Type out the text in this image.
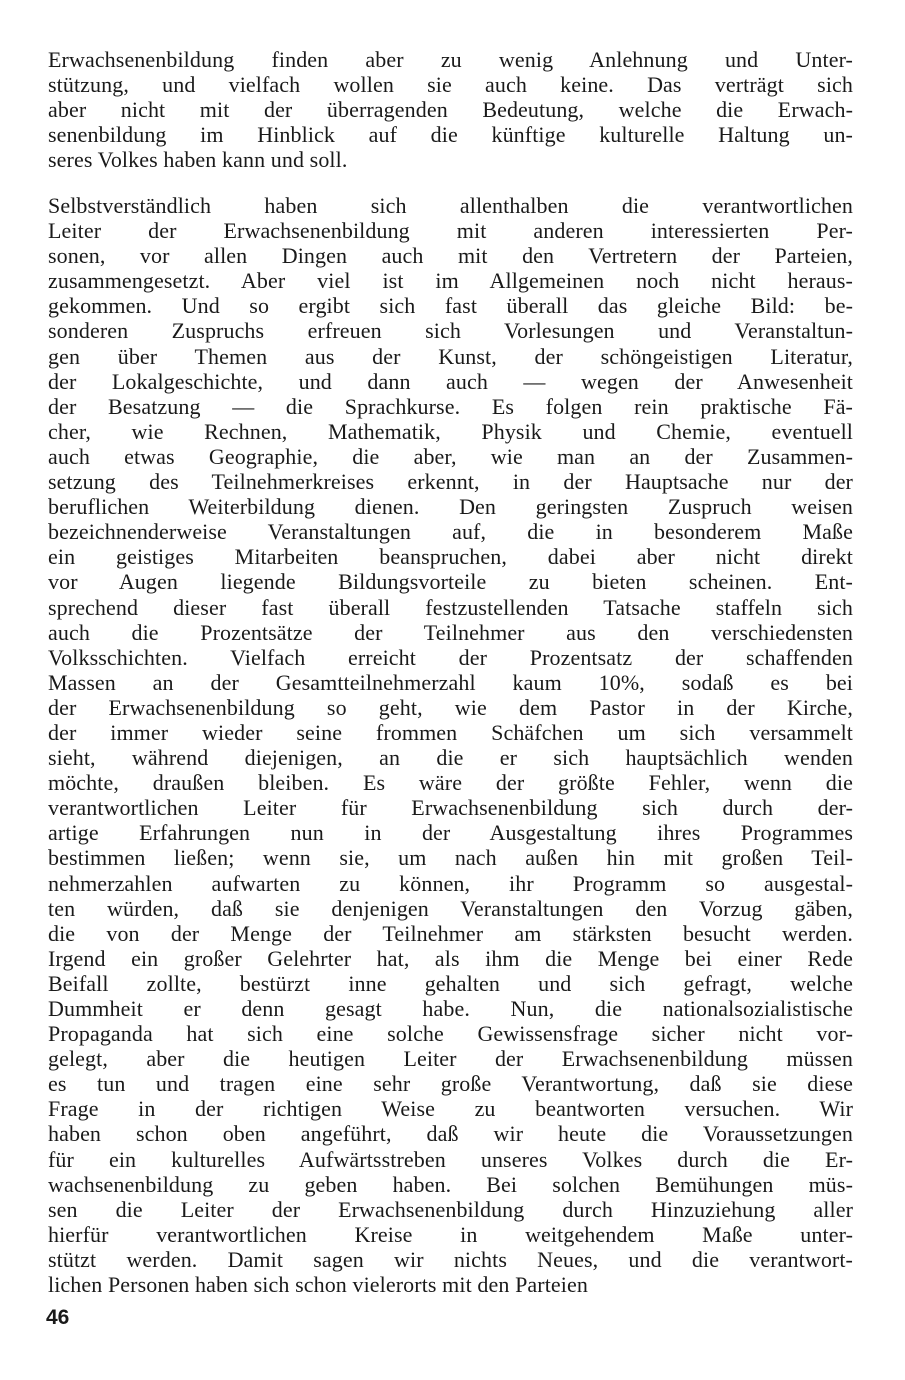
Erwachsenenbildung finden aber zu wenig Anlehnung und Unter-
stützung, und vielfach wollen sie auch keine. Das verträgt sich
aber nicht mit der überragenden Bedeutung, welche die Erwach-
senenbildung im Hinblick auf die künftige kulturelle Haltung un-
seres Volkes haben kann und soll.
Selbstverständlich haben sich allenthalben die verantwortlichen
Leiter der Erwachsenenbildung mit anderen interessierten Per-
sonen, vor allen Dingen auch mit den Vertretern der Parteien,
zusammengesetzt. Aber viel ist im Allgemeinen noch nicht heraus-
gekommen. Und so ergibt sich fast überall das gleiche Bild: be-
sonderen Zuspruchs erfreuen sich Vorlesungen und Veranstaltun-
gen über Themen aus der Kunst, der schöngeistigen Literatur,
der Lokalgeschichte, und dann auch — wegen der Anwesenheit
der Besatzung — die Sprachkurse. Es folgen rein praktische Fä-
cher, wie Rechnen, Mathematik, Physik und Chemie, eventuell
auch etwas Geographie, die aber, wie man an der Zusammen-
setzung des Teilnehmerkreises erkennt, in der Hauptsache nur der
beruflichen Weiterbildung dienen. Den geringsten Zuspruch weisen
bezeichnenderweise Veranstaltungen auf, die in besonderem Maße
ein geistiges Mitarbeiten beanspruchen, dabei aber nicht direkt
vor Augen liegende Bildungsvorteile zu bieten scheinen. Ent-
sprechend dieser fast überall festzustellenden Tatsache staffeln sich
auch die Prozentsätze der Teilnehmer aus den verschiedensten
Volksschichten. Vielfach erreicht der Prozentsatz der schaffenden
Massen an der Gesamtteilnehmerzahl kaum 10%, sodaß es bei
der Erwachsenenbildung so geht, wie dem Pastor in der Kirche,
der immer wieder seine frommen Schäfchen um sich versammelt
sieht, während diejenigen, an die er sich hauptsächlich wenden
möchte, draußen bleiben. Es wäre der größte Fehler, wenn die
verantwortlichen Leiter für Erwachsenenbildung sich durch der-
artige Erfahrungen nun in der Ausgestaltung ihres Programmes
bestimmen ließen; wenn sie, um nach außen hin mit großen Teil-
nehmerzahlen aufwarten zu können, ihr Programm so ausgestal-
ten würden, daß sie denjenigen Veranstaltungen den Vorzug gäben,
die von der Menge der Teilnehmer am stärksten besucht werden.
Irgend ein großer Gelehrter hat, als ihm die Menge bei einer Rede
Beifall zollte, bestürzt inne gehalten und sich gefragt, welche
Dummheit er denn gesagt habe. Nun, die nationalsozialistische
Propaganda hat sich eine solche Gewissensfrage sicher nicht vor-
gelegt, aber die heutigen Leiter der Erwachsenenbildung müssen
es tun und tragen eine sehr große Verantwortung, daß sie diese
Frage in der richtigen Weise zu beantworten versuchen. Wir
haben schon oben angeführt, daß wir heute die Voraussetzungen
für ein kulturelles Aufwärtsstreben unseres Volkes durch die Er-
wachsenenbildung zu geben haben. Bei solchen Bemühungen müs-
sen die Leiter der Erwachsenenbildung durch Hinzuziehung aller
hierfür verantwortlichen Kreise in weitgehendem Maße unter-
stützt werden. Damit sagen wir nichts Neues, und die verantwort-
lichen Personen haben sich schon vielerorts mit den Parteien
46
